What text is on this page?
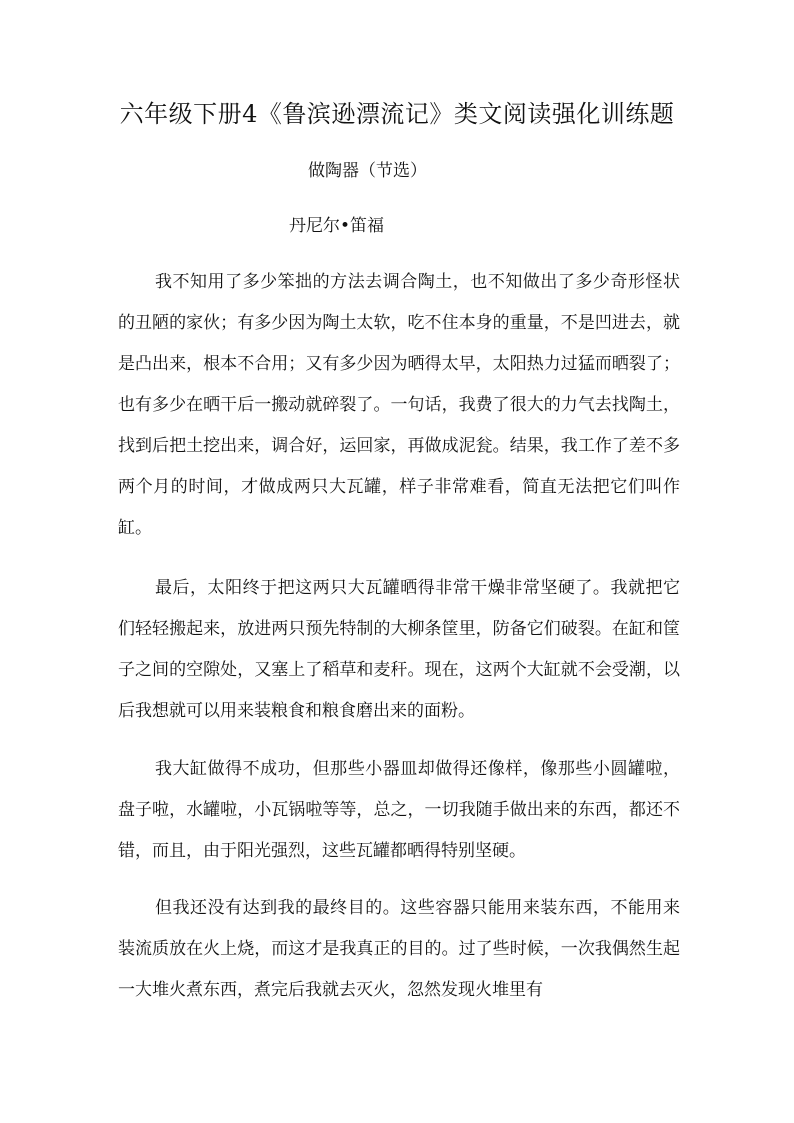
六年级下册4《鲁滨逊漂流记》类文阅读强化训练题

做陶器（节选）

丹尼尔•笛福

我不知用了多少笨拙的方法去调合陶土，也不知做出了多少奇形怪状的丑陋的家伙；有多少因为陶土太软，吃不住本身的重量，不是凹进去，就是凸出来，根本不合用；又有多少因为晒得太早，太阳热力过猛而晒裂了；也有多少在晒干后一搬动就碎裂了。一句话，我费了很大的力气去找陶土，找到后把土挖出来，调合好，运回家，再做成泥瓮。结果，我工作了差不多两个月的时间，才做成两只大瓦罐，样子非常难看，简直无法把它们叫作缸。

最后，太阳终于把这两只大瓦罐晒得非常干燥非常坚硬了。我就把它们轻轻搬起来，放进两只预先特制的大柳条筐里，防备它们破裂。在缸和筐子之间的空隙处，又塞上了稻草和麦秆。现在，这两个大缸就不会受潮，以后我想就可以用来装粮食和粮食磨出来的面粉。

我大缸做得不成功，但那些小器皿却做得还像样，像那些小圆罐啦，盘子啦，水罐啦，小瓦锅啦等等，总之，一切我随手做出来的东西，都还不错，而且，由于阳光强烈，这些瓦罐都晒得特别坚硬。

但我还没有达到我的最终目的。这些容器只能用来装东西，不能用来装流质放在火上烧，而这才是我真正的目的。过了些时候，一次我偶然生起一大堆火煮东西，煮完后我就去灭火，忽然发现火堆里有
